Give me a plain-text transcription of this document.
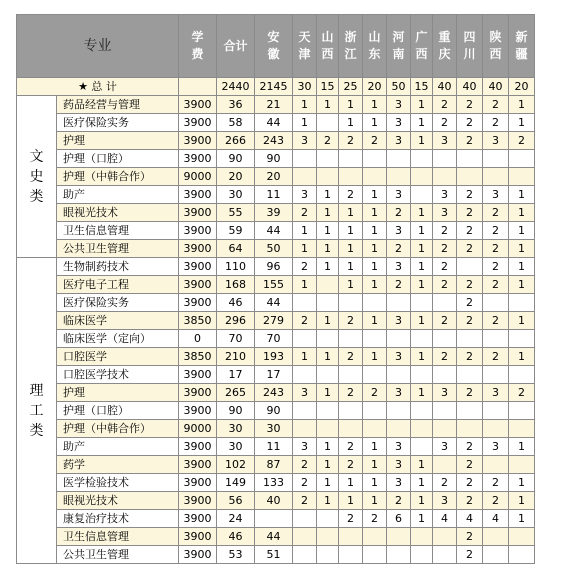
专业		学费	合计	安徽	天津	山西	浙江	山东	河南	广西	重庆	四川	陕西	新疆

★ 总 计			2440	2145	30	15	25	20	50	15	40	40	40	20

文史类	药品经营与管理	3900	36	21	1	1	1	1	3	1	2	2	2	1
	医疗保险实务	3900	58	44	1		1	1	3	1	2	2	2	1
	护理	3900	266	243	3	2	2	2	3	1	3	2	3	2
	护理（口腔）	3900	90	90										
	护理（中韩合作）	9000	20	20										
	助产	3900	30	11	3	1	2	1	3		3	2	3	1
	眼视光技术	3900	55	39	2	1	1	1	2	1	3	2	2	1
	卫生信息管理	3900	59	44	1	1	1	1	3	1	2	2	2	1
	公共卫生管理	3900	64	50	1	1	1	1	2	1	2	2	2	1

理工类	生物制药技术	3900	110	96	2	1	1	1	3	1	2		2	1
	医疗电子工程	3900	168	155	1		1	1	2	1	2	2	2	1
	医疗保险实务	3900	46	44								2		
	临床医学	3850	296	279	2	1	2	1	3	1	2	2	2	1
	临床医学（定向）	0	70	70										
	口腔医学	3850	210	193	1	1	2	1	3	1	2	2	2	1
	口腔医学技术	3900	17	17										
	护理	3900	265	243	3	1	2	2	3	1	3	2	3	2
	护理（口腔）	3900	90	90										
	护理（中韩合作）	9000	30	30										
	助产	3900	30	11	3	1	2	1	3		3	2	3	1
	药学	3900	102	87	2	1	2	1	3	1		2		
	医学检验技术	3900	149	133	2	1	1	1	3	1	2	2	2	1
	眼视光技术	3900	56	40	2	1	1	1	2	1	3	2	2	1
	康复治疗技术	3900	24				2	2	6	1	4	4	4	1
	卫生信息管理	3900	46	44								2		
	公共卫生管理	3900	53	51								2		
